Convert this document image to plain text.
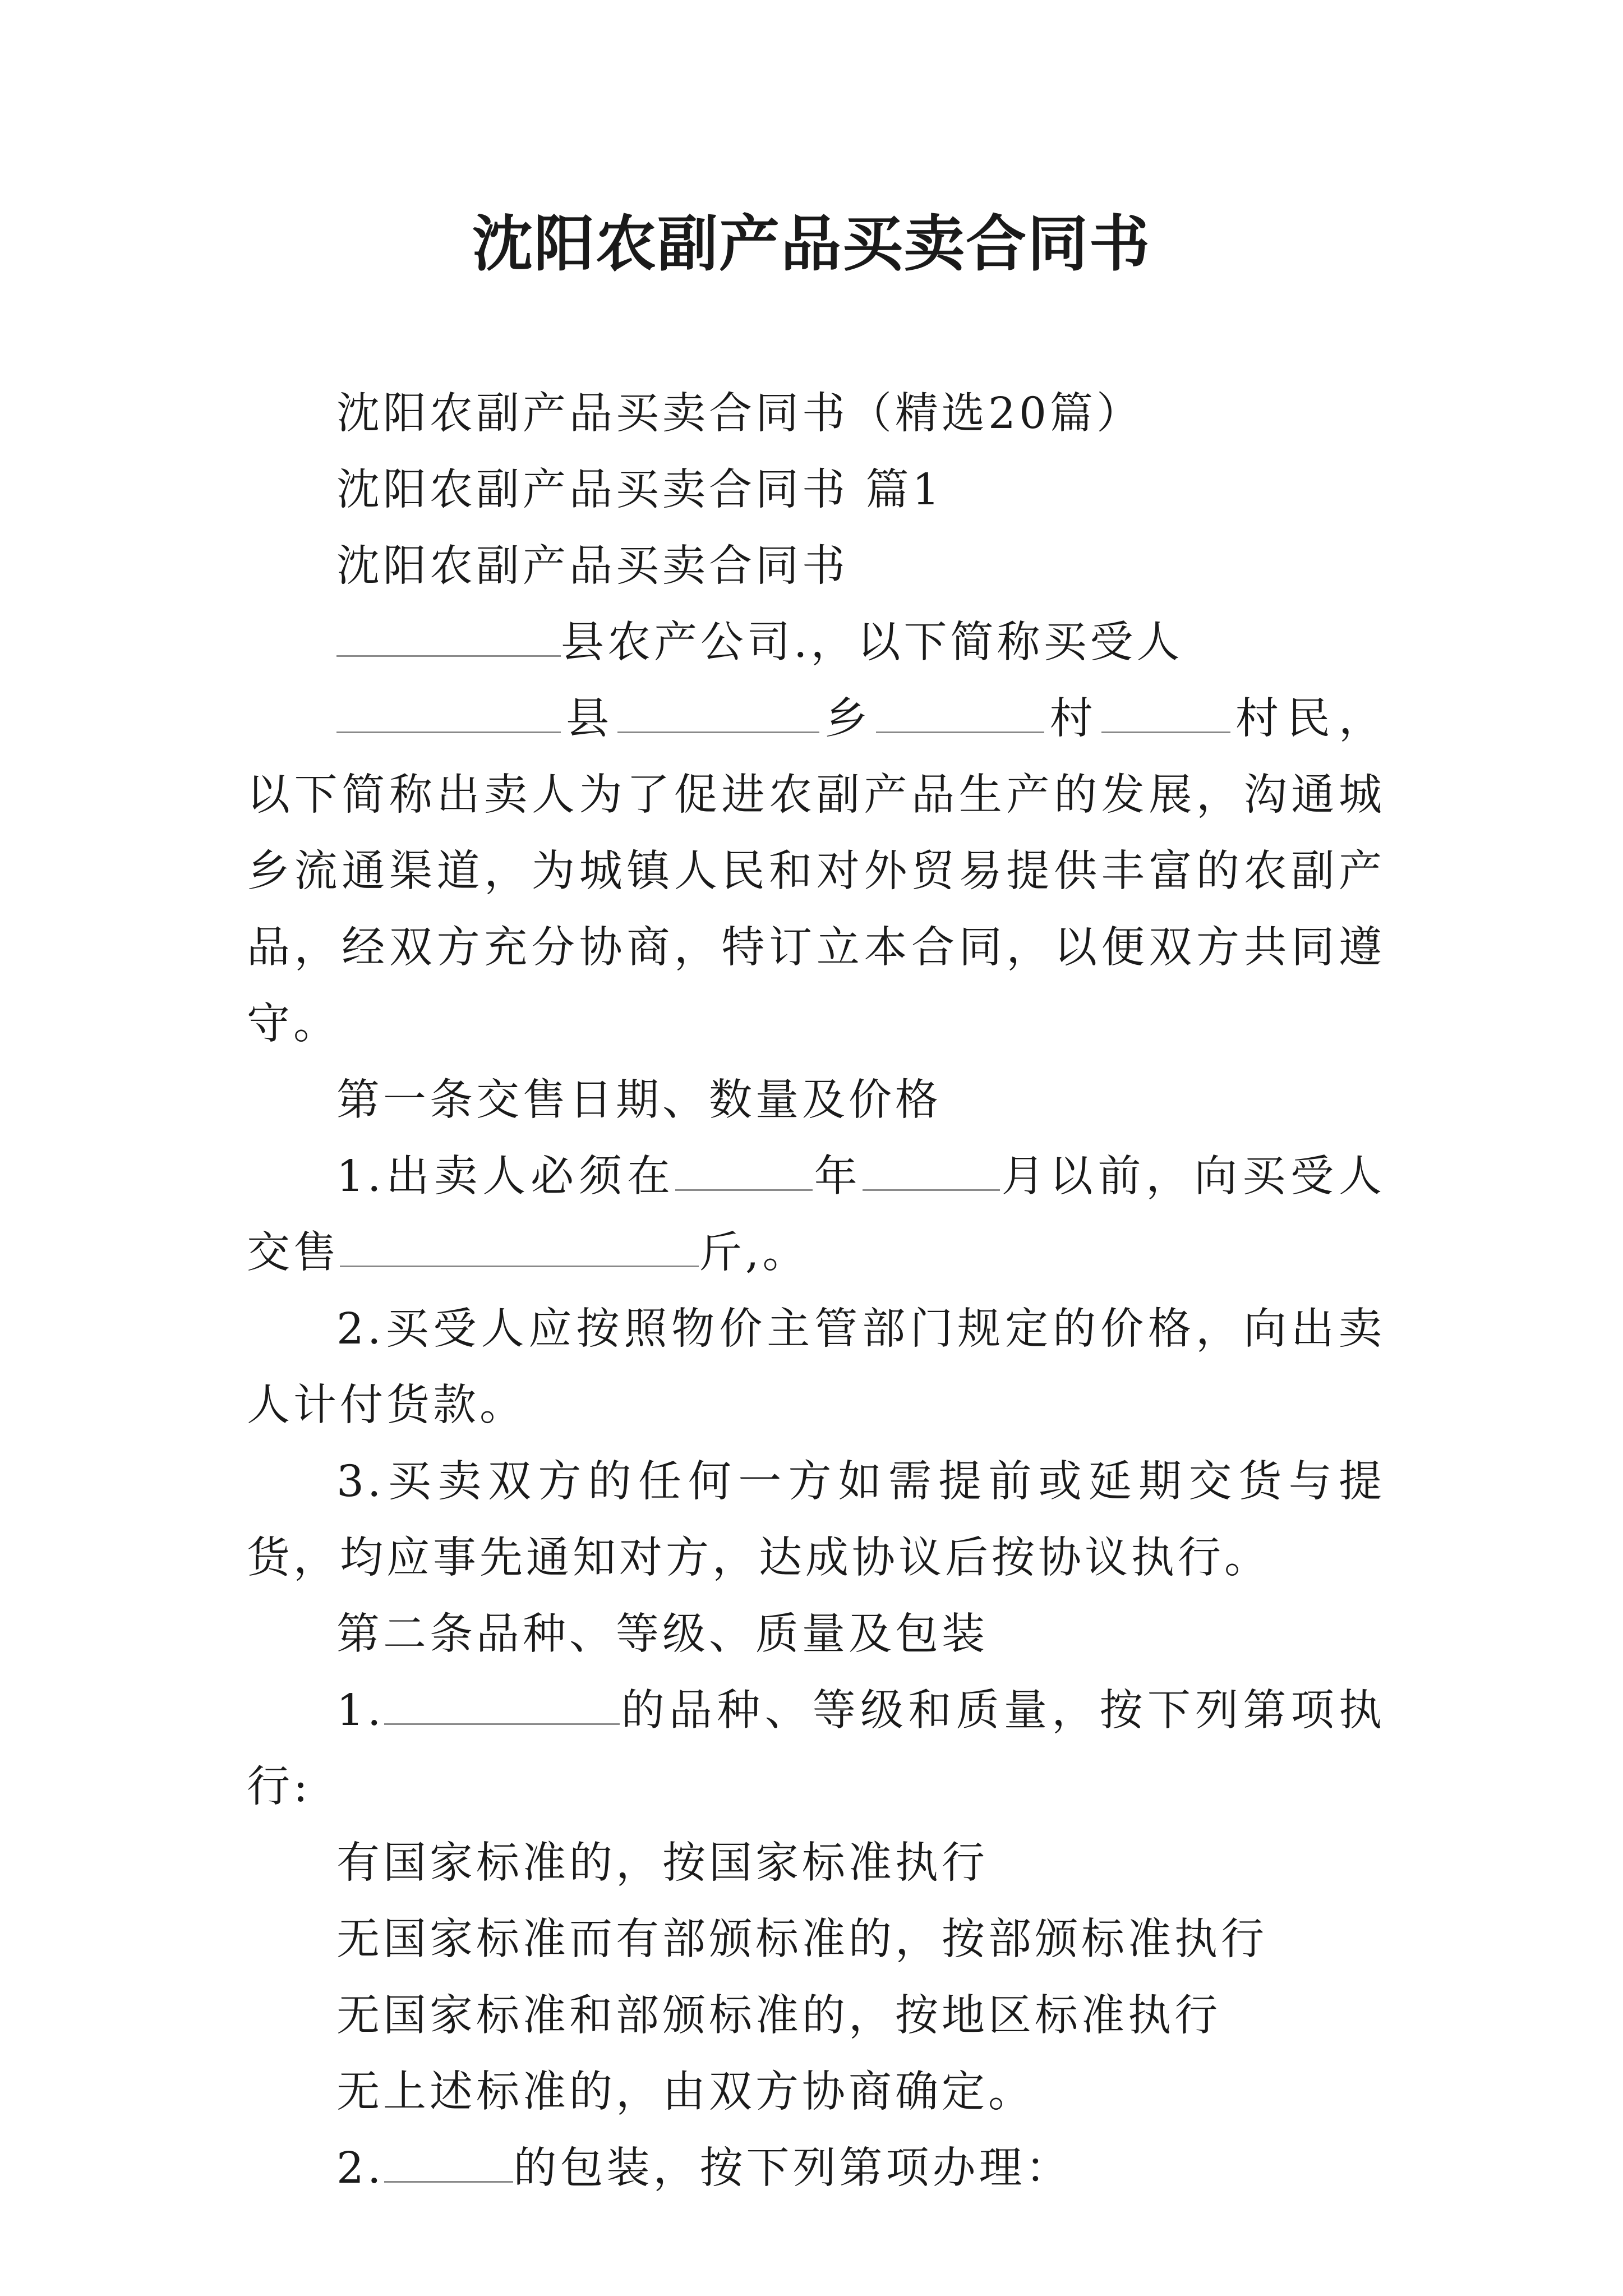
沈阳农副产品买卖合同书

沈阳农副产品买卖合同书（精选20篇）

沈阳农副产品买卖合同书 篇1

沈阳农副产品买卖合同书

县农产公司.，以下简称买受人

县	乡	村	村民，以下简称出卖人为了促进农副产品生产的发展，沟通城乡流通渠道，为城镇人民和对外贸易提供丰富的农副产品，经双方充分协商，特订立本合同，以便双方共同遵守。

第一条交售日期、数量及价格

1.出卖人必须在	年	月以前，向买受人交售	斤,。

2.买受人应按照物价主管部门规定的价格，向出卖人计付货款。

3.买卖双方的任何一方如需提前或延期交货与提货，均应事先通知对方，达成协议后按协议执行。

第二条品种、等级、质量及包装

1.	的品种、等级和质量，按下列第项执行:

有国家标准的，按国家标准执行

无国家标准而有部颁标准的，按部颁标准执行

无国家标准和部颁标准的，按地区标准执行

无上述标准的，由双方协商确定。

2.	的包装，按下列第项办理：
